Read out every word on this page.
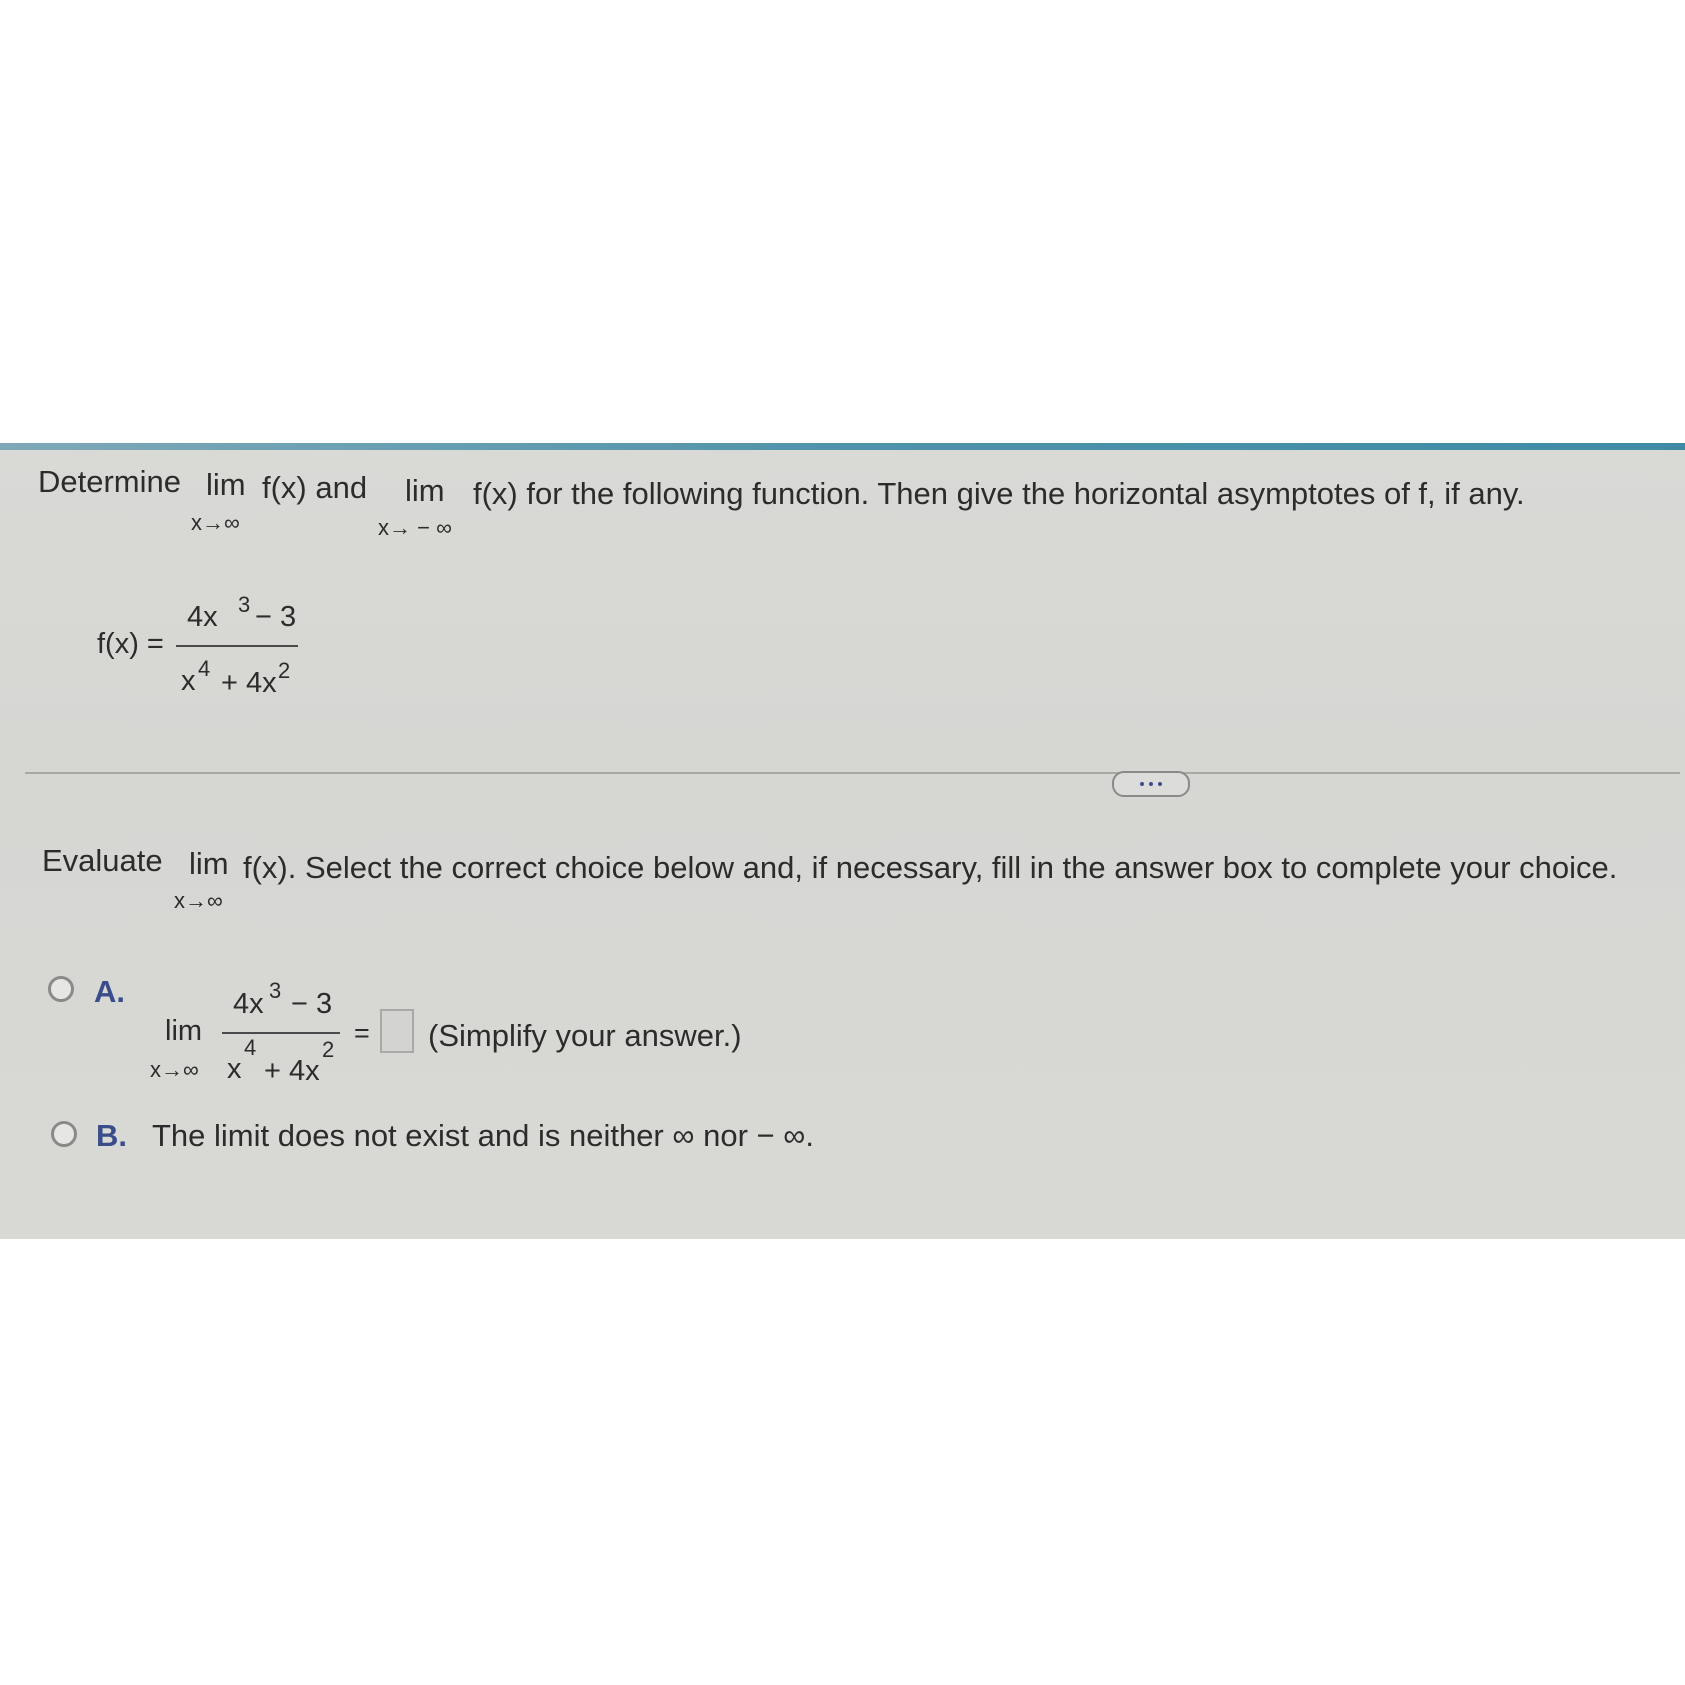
Determine lim
x→∞
f(x) and lim
x→ − ∞
f(x) for the following function. Then give the horizontal asymptotes of f, if any.
f(x) =
4x 3 − 3
x 4 + 4x 2
Evaluate lim
x→∞
f(x). Select the correct choice below and, if necessary, fill in the answer box to complete your choice.
A.
lim
x→∞
4x 3 − 3
x
4
+ 4x
2
= (Simplify your answer.)
B. The limit does not exist and is neither ∞ nor − ∞.
